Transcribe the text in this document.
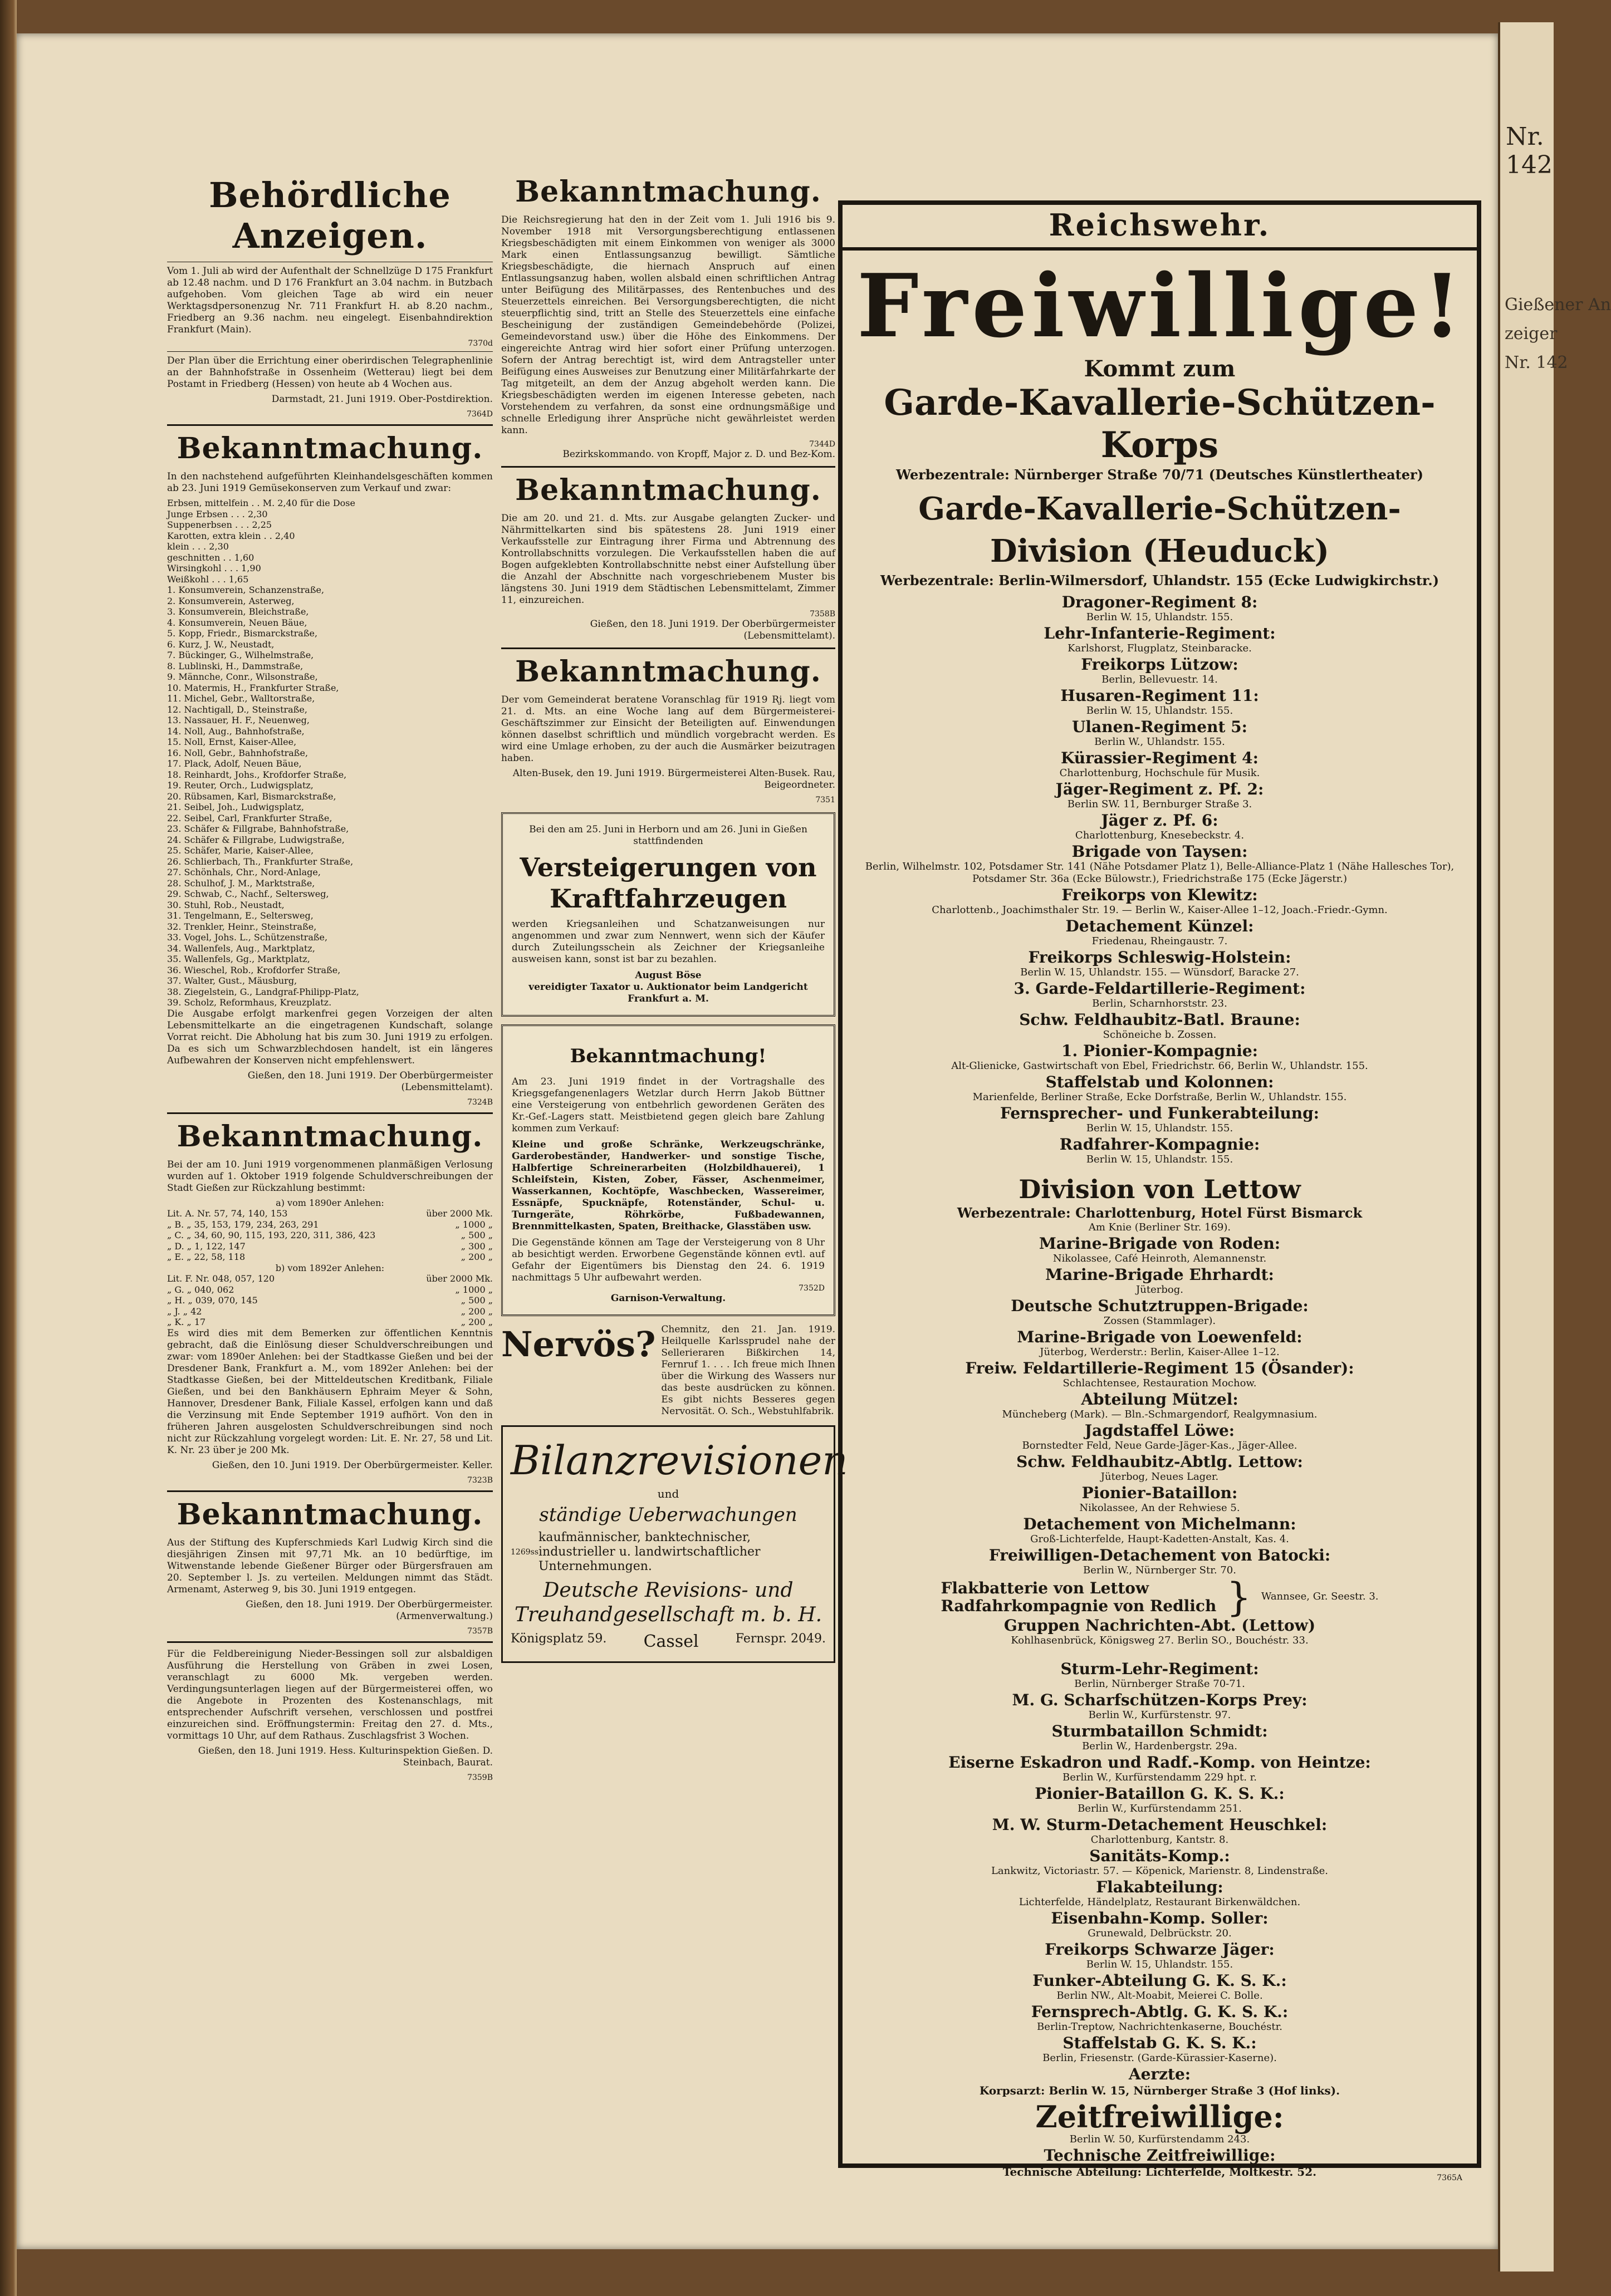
Behördliche Anzeigen.

Vom 1. Juli ab wird der Aufenthalt der Schnellzüge D 175 Frankfurt ab 12.48 nachm. und D 176 Frankfurt an 3.04 nachm. in Butzbach aufgehoben. Vom gleichen Tage ab wird ein neuer Werktagsdpersonenzug Nr. 711 Frankfurt H. ab 8.20 nachm., Friedberg an 9.36 nachm. neu eingelegt. Eisenbahndirektion Frankfurt (Main).

7370d

Der Plan über die Errichtung einer oberirdischen Telegraphenlinie an der Bahnhofstraße in Ossenheim (Wetterau) liegt bei dem Postamt in Friedberg (Hessen) von heute ab 4 Wochen aus.

Darmstadt, 21. Juni 1919. Ober-Postdirektion.
7364D
Bekanntmachung.

In den nachstehend aufgeführten Kleinhandelsgeschäften kommen ab 23. Juni 1919 Gemüsekonserven zum Verkauf und zwar:

Erbsen, mittelfein . . M. 2,40 für die Dose
Junge Erbsen . . . 2,30
Suppenerbsen . . . 2,25
Karotten, extra klein . . 2,40
klein . . . 2,30
geschnitten . . 1,60
Wirsingkohl . . . 1,90
Weißkohl . . . 1,65
1. Konsumverein, Schanzenstraße,
2. Konsumverein, Asterweg,
3. Konsumverein, Bleichstraße,
4. Konsumverein, Neuen Bäue,
5. Kopp, Friedr., Bismarckstraße,
6. Kurz, J. W., Neustadt,
7. Bückinger, G., Wilhelmstraße,
8. Lublinski, H., Dammstraße,
9. Männche, Conr., Wilsonstraße,
10. Matermis, H., Frankfurter Straße,
11. Michel, Gebr., Walltorstraße,
12. Nachtigall, D., Steinstraße,
13. Nassauer, H. F., Neuenweg,
14. Noll, Aug., Bahnhofstraße,
15. Noll, Ernst, Kaiser-Allee,
16. Noll, Gebr., Bahnhofstraße,
17. Plack, Adolf, Neuen Bäue,
18. Reinhardt, Johs., Krofdorfer Straße,
19. Reuter, Orch., Ludwigsplatz,
20. Rübsamen, Karl, Bismarckstraße,
21. Seibel, Joh., Ludwigsplatz,
22. Seibel, Carl, Frankfurter Straße,
23. Schäfer & Fillgrabe, Bahnhofstraße,
24. Schäfer & Fillgrabe, Ludwigstraße,
25. Schäfer, Marie, Kaiser-Allee,
26. Schlierbach, Th., Frankfurter Straße,
27. Schönhals, Chr., Nord-Anlage,
28. Schulhof, J. M., Marktstraße,
29. Schwab, C., Nachf., Seltersweg,
30. Stuhl, Rob., Neustadt,
31. Tengelmann, E., Seltersweg,
32. Trenkler, Heinr., Steinstraße,
33. Vogel, Johs. L., Schützenstraße,
34. Wallenfels, Aug., Marktplatz,
35. Wallenfels, Gg., Marktplatz,
36. Wieschel, Rob., Krofdorfer Straße,
37. Walter, Gust., Mäusburg,
38. Ziegelstein, G., Landgraf-Philipp-Platz,
39. Scholz, Reformhaus, Kreuzplatz.

Die Ausgabe erfolgt markenfrei gegen Vorzeigen der alten Lebensmittelkarte an die eingetragenen Kundschaft, solange Vorrat reicht. Die Abholung hat bis zum 30. Juni 1919 zu erfolgen. Da es sich um Schwarzblechdosen handelt, ist ein längeres Aufbewahren der Konserven nicht empfehlenswert.

Gießen, den 18. Juni 1919. Der Oberbürgermeister (Lebensmittelamt).
7324B
Bekanntmachung.

Bei der am 10. Juni 1919 vorgenommenen planmäßigen Verlosung wurden auf 1. Oktober 1919 folgende Schuldverschreibungen der Stadt Gießen zur Rückzahlung bestimmt:

a) vom 1890er Anlehen:
Lit. A. Nr. 57, 74, 140, 153	über 2000 Mk.
„ B. „ 35, 153, 179, 234, 263, 291	„ 1000 „
„ C. „ 34, 60, 90, 115, 193, 220, 311, 386, 423	„ 500 „
„ D. „ 1, 122, 147	„ 300 „
„ E. „ 22, 58, 118	„ 200 „
b) vom 1892er Anlehen:
Lit. F. Nr. 048, 057, 120	über 2000 Mk.
„ G. „ 040, 062	„ 1000 „
„ H. „ 039, 070, 145	„ 500 „
„ J. „ 42	„ 200 „
„ K. „ 17	„ 200 „

Es wird dies mit dem Bemerken zur öffentlichen Kenntnis gebracht, daß die Einlösung dieser Schuldverschreibungen und zwar: vom 1890er Anlehen: bei der Stadtkasse Gießen und bei der Dresdener Bank, Frankfurt a. M., vom 1892er Anlehen: bei der Stadtkasse Gießen, bei der Mitteldeutschen Kreditbank, Filiale Gießen, und bei den Bankhäusern Ephraim Meyer & Sohn, Hannover, Dresdener Bank, Filiale Kassel, erfolgen kann und daß die Verzinsung mit Ende September 1919 aufhört. Von den in früheren Jahren ausgelosten Schuldverschreibungen sind noch nicht zur Rückzahlung vorgelegt worden: Lit. E. Nr. 27, 58 und Lit. K. Nr. 23 über je 200 Mk.

Gießen, den 10. Juni 1919. Der Oberbürgermeister. Keller.
7323B
Bekanntmachung.

Aus der Stiftung des Kupferschmieds Karl Ludwig Kirch sind die diesjährigen Zinsen mit 97,71 Mk. an 10 bedürftige, im Witwenstande lebende Gießener Bürger oder Bürgersfrauen am 20. September l. Js. zu verteilen. Meldungen nimmt das Städt. Armenamt, Asterweg 9, bis 30. Juni 1919 entgegen.

Gießen, den 18. Juni 1919. Der Oberbürgermeister. (Armenverwaltung.)
7357B

Für die Feldbereinigung Nieder-Bessingen soll zur alsbaldigen Ausführung die Herstellung von Gräben in zwei Losen, veranschlagt zu 6000 Mk. vergeben werden. Verdingungsunterlagen liegen auf der Bürgermeisterei offen, wo die Angebote in Prozenten des Kostenanschlags, mit entsprechender Aufschrift versehen, verschlossen und postfrei einzureichen sind. Eröffnungstermin: Freitag den 27. d. Mts., vormittags 10 Uhr, auf dem Rathaus. Zuschlagsfrist 3 Wochen.

Gießen, den 18. Juni 1919. Hess. Kulturinspektion Gießen. D. Steinbach, Baurat.
7359B
Bekanntmachung.

Die Reichsregierung hat den in der Zeit vom 1. Juli 1916 bis 9. November 1918 mit Versorgungsberechtigung entlassenen Kriegsbeschädigten mit einem Einkommen von weniger als 3000 Mark einen Entlassungsanzug bewilligt. Sämtliche Kriegsbeschädigte, die hiernach Anspruch auf einen Entlassungsanzug haben, wollen alsbald einen schriftlichen Antrag unter Beifügung des Militärpasses, des Rentenbuches und des Steuerzettels einreichen. Bei Versorgungsberechtigten, die nicht steuerpflichtig sind, tritt an Stelle des Steuerzettels eine einfache Bescheinigung der zuständigen Gemeindebehörde (Polizei, Gemeindevorstand usw.) über die Höhe des Einkommens. Der eingereichte Antrag wird hier sofort einer Prüfung unterzogen. Sofern der Antrag berechtigt ist, wird dem Antragsteller unter Beifügung eines Ausweises zur Benutzung einer Militärfahrkarte der Tag mitgeteilt, an dem der Anzug abgeholt werden kann. Die Kriegsbeschädigten werden im eigenen Interesse gebeten, nach Vorstehendem zu verfahren, da sonst eine ordnungsmäßige und schnelle Erledigung ihrer Ansprüche nicht gewährleistet werden kann.

7344D
Bezirkskommando. von Kropff, Major z. D. und Bez-Kom.
Bekanntmachung.

Die am 20. und 21. d. Mts. zur Ausgabe gelangten Zucker- und Nährmittelkarten sind bis spätestens 28. Juni 1919 einer Verkaufsstelle zur Eintragung ihrer Firma und Abtrennung des Kontrollabschnitts vorzulegen. Die Verkaufsstellen haben die auf Bogen aufgeklebten Kontrollabschnitte nebst einer Aufstellung über die Anzahl der Abschnitte nach vorgeschriebenem Muster bis längstens 30. Juni 1919 dem Städtischen Lebensmittelamt, Zimmer 11, einzureichen.

7358B
Gießen, den 18. Juni 1919. Der Oberbürgermeister (Lebensmittelamt).
Bekanntmachung.

Der vom Gemeinderat beratene Voranschlag für 1919 Rj. liegt vom 21. d. Mts. an eine Woche lang auf dem Bürgermeisterei-Geschäftszimmer zur Einsicht der Beteiligten auf. Einwendungen können daselbst schriftlich und mündlich vorgebracht werden. Es wird eine Umlage erhoben, zu der auch die Ausmärker beizutragen haben.

Alten-Busek, den 19. Juni 1919. Bürgermeisterei Alten-Busek. Rau, Beigeordneter.
7351
Bei den am 25. Juni in Herborn und am 26. Juni in Gießen stattfindenden
Versteigerungen von Kraftfahrzeugen
werden Kriegsanleihen und Schatzanweisungen nur angenommen und zwar zum Nennwert, wenn sich der Käufer durch Zuteilungsschein als Zeichner der Kriegsanleihe ausweisen kann, sonst ist bar zu bezahlen.
August Böse
vereidigter Taxator u. Auktionator beim Landgericht Frankfurt a. M.
Bekanntmachung!
Am 23. Juni 1919 findet in der Vortragshalle des Kriegsgefangenenlagers Wetzlar durch Herrn Jakob Büttner eine Versteigerung von entbehrlich gewordenen Geräten des Kr.-Gef.-Lagers statt. Meistbietend gegen gleich bare Zahlung kommen zum Verkauf:
Kleine und große Schränke, Werkzeugschränke, Garderobeständer, Handwerker- und sonstige Tische, Halbfertige Schreinerarbeiten (Holzbildhauerei), 1 Schleifstein, Kisten, Zober, Fässer, Aschenmeimer, Wasserkannen, Kochtöpfe, Waschbecken, Wassereimer, Essnäpfe, Spucknäpfe, Rotenständer, Schul- u. Turngeräte, Röhrkörbe, Fußbadewannen, Brennmittelkasten, Spaten, Breithacke, Glasstäben usw.
Die Gegenstände können am Tage der Versteigerung von 8 Uhr ab besichtigt werden. Erworbene Gegenstände können evtl. auf Gefahr der Eigentümers bis Dienstag den 24. 6. 1919 nachmittags 5 Uhr aufbewahrt werden.
7352D
Garnison-Verwaltung.
Nervös? Chemnitz, den 21. Jan. 1919. Heilquelle Karlssprudel nahe der Sellerieraren Bißkirchen 14, Fernruf 1. . . . Ich freue mich Ihnen über die Wirkung des Wassers nur das beste ausdrücken zu können. Es gibt nichts Besseres gegen Nervosität. O. Sch., Webstuhlfabrik.
Bilanzrevisionen
und
ständige Ueberwachungen
1269ss
kaufmännischer, banktechnischer, industrieller u. landwirtschaftlicher Unternehmungen.
Deutsche Revisions- und Treuhandgesellschaft m. b. H.
Königsplatz 59. Cassel	Fernspr. 2049.
Reichswehr.
Freiwillige!
Kommt zum
Garde-Kavallerie-Schützen-Korps
Werbezentrale: Nürnberger Straße 70/71 (Deutsches Künstlertheater)
Garde-Kavallerie-Schützen-Division (Heuduck)
Werbezentrale: Berlin-Wilmersdorf, Uhlandstr. 155 (Ecke Ludwigkirchstr.)
Dragoner-Regiment 8:
Berlin W. 15, Uhlandstr. 155.
Lehr-Infanterie-Regiment:
Karlshorst, Flugplatz, Steinbaracke.
Freikorps Lützow:
Berlin, Bellevuestr. 14.
Husaren-Regiment 11:
Berlin W. 15, Uhlandstr. 155.
Ulanen-Regiment 5:
Berlin W., Uhlandstr. 155.
Kürassier-Regiment 4:
Charlottenburg, Hochschule für Musik.
Jäger-Regiment z. Pf. 2:
Berlin SW. 11, Bernburger Straße 3.
Jäger z. Pf. 6:
Charlottenburg, Knesebeckstr. 4.
Brigade von Taysen:
Berlin, Wilhelmstr. 102, Potsdamer Str. 141 (Nähe Potsdamer Platz 1), Belle-Alliance-Platz 1 (Nähe Hallesches Tor), Potsdamer Str. 36a (Ecke Bülowstr.), Friedrichstraße 175 (Ecke Jägerstr.)
Freikorps von Klewitz:
Charlottenb., Joachimsthaler Str. 19. — Berlin W., Kaiser-Allee 1–12, Joach.-Friedr.-Gymn.
Detachement Künzel:
Friedenau, Rheingaustr. 7.
Freikorps Schleswig-Holstein:
Berlin W. 15, Uhlandstr. 155. — Wünsdorf, Baracke 27.
3. Garde-Feldartillerie-Regiment:
Berlin, Scharnhorststr. 23.
Schw. Feldhaubitz-Batl. Braune:
Schöneiche b. Zossen.
1. Pionier-Kompagnie:
Alt-Glienicke, Gastwirtschaft von Ebel, Friedrichstr. 66, Berlin W., Uhlandstr. 155.
Staffelstab und Kolonnen:
Marienfelde, Berliner Straße, Ecke Dorfstraße, Berlin W., Uhlandstr. 155.
Fernsprecher- und Funkerabteilung:
Berlin W. 15, Uhlandstr. 155.
Radfahrer-Kompagnie:
Berlin W. 15, Uhlandstr. 155.
Division von Lettow
Werbezentrale: Charlottenburg, Hotel Fürst Bismarck
Am Knie (Berliner Str. 169).
Marine-Brigade von Roden:
Nikolassee, Café Heinroth, Alemannenstr.
Marine-Brigade Ehrhardt:
Jüterbog.
Deutsche Schutztruppen-Brigade:
Zossen (Stammlager).
Marine-Brigade von Loewenfeld:
Jüterbog, Werderstr.: Berlin, Kaiser-Allee 1–12.
Freiw. Feldartillerie-Regiment 15 (Ösander):
Schlachtensee, Restauration Mochow.
Abteilung Mützel:
Müncheberg (Mark). — Bln.-Schmargendorf, Realgymnasium.
Jagdstaffel Löwe:
Bornstedter Feld, Neue Garde-Jäger-Kas., Jäger-Allee.
Schw. Feldhaubitz-Abtlg. Lettow:
Jüterbog, Neues Lager.
Pionier-Bataillon:
Nikolassee, An der Rehwiese 5.
Detachement von Michelmann:
Groß-Lichterfelde, Haupt-Kadetten-Anstalt, Kas. 4.
Freiwilligen-Detachement von Batocki:
Berlin W., Nürnberger Str. 70.
Flakbatterie von Lettow
Radfahrkompagnie von Redlich } Wannsee, Gr. Seestr. 3.
Gruppen Nachrichten-Abt. (Lettow)
Kohlhasenbrück, Königsweg 27. Berlin SO., Bouchéstr. 33.
Sturm-Lehr-Regiment:
Berlin, Nürnberger Straße 70-71.
M. G. Scharfschützen-Korps Prey:
Berlin W., Kurfürstenstr. 97.
Sturmbataillon Schmidt:
Berlin W., Hardenbergstr. 29a.
Eiserne Eskadron und Radf.-Komp. von Heintze:
Berlin W., Kurfürstendamm 229 hpt. r.
Pionier-Bataillon G. K. S. K.:
Berlin W., Kurfürstendamm 251.
M. W. Sturm-Detachement Heuschkel:
Charlottenburg, Kantstr. 8.
Sanitäts-Komp.:
Lankwitz, Victoriastr. 57. — Köpenick, Marienstr. 8, Lindenstraße.
Flakabteilung:
Lichterfelde, Händelplatz, Restaurant Birkenwäldchen.
Eisenbahn-Komp. Soller:
Grunewald, Delbrückstr. 20.
Freikorps Schwarze Jäger:
Berlin W. 15, Uhlandstr. 155.
Funker-Abteilung G. K. S. K.:
Berlin NW., Alt-Moabit, Meierei C. Bolle.
Fernsprech-Abtlg. G. K. S. K.:
Berlin-Treptow, Nachrichtenkaserne, Bouchéstr.
Staffelstab G. K. S. K.:
Berlin, Friesenstr. (Garde-Kürassier-Kaserne).
Aerzte:
Korpsarzt: Berlin W. 15, Nürnberger Straße 3 (Hof links).
Zeitfreiwillige:
Berlin W. 50, Kurfürstendamm 243.
Technische Zeitfreiwillige:
Technische Abteilung: Lichterfelde, Moltkestr. 52.	7365A
Nr. 142
Gießener An
zeiger
Nr. 142
